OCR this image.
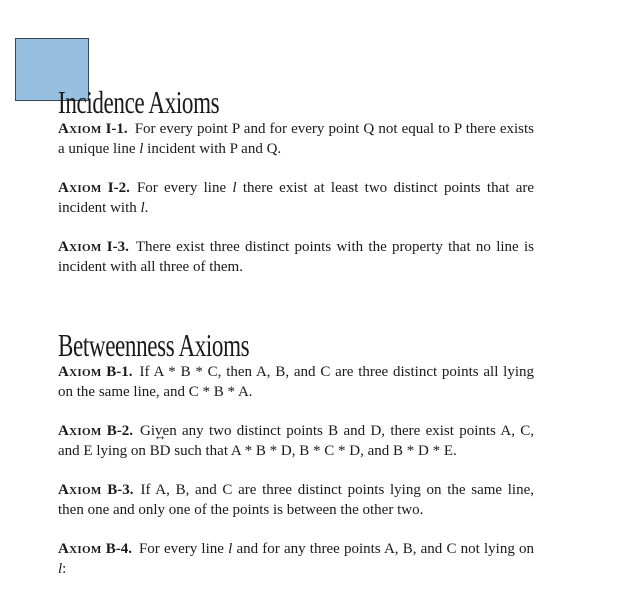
Incidence Axioms

Axiom I-1. For every point P and for every point Q not equal to P there exists a unique line l incident with P and Q.

Axiom I-2. For every line l there exist at least two distinct points that are incident with l.

Axiom I-3. There exist three distinct points with the property that no line is incident with all three of them.

Betweenness Axioms

Axiom B-1. If A * B * C, then A, B, and C are three distinct points all lying on the same line, and C * B * A.

Axiom B-2. Given any two distinct points B and D, there exist points A, C, and E lying on ↔ BD such that A * B * D, B * C * D, and B * D * E.

Axiom B-3. If A, B, and C are three distinct points lying on the same line, then one and only one of the points is between the other two.

Axiom B-4. For every line l and for any three points A, B, and C not lying on l:
